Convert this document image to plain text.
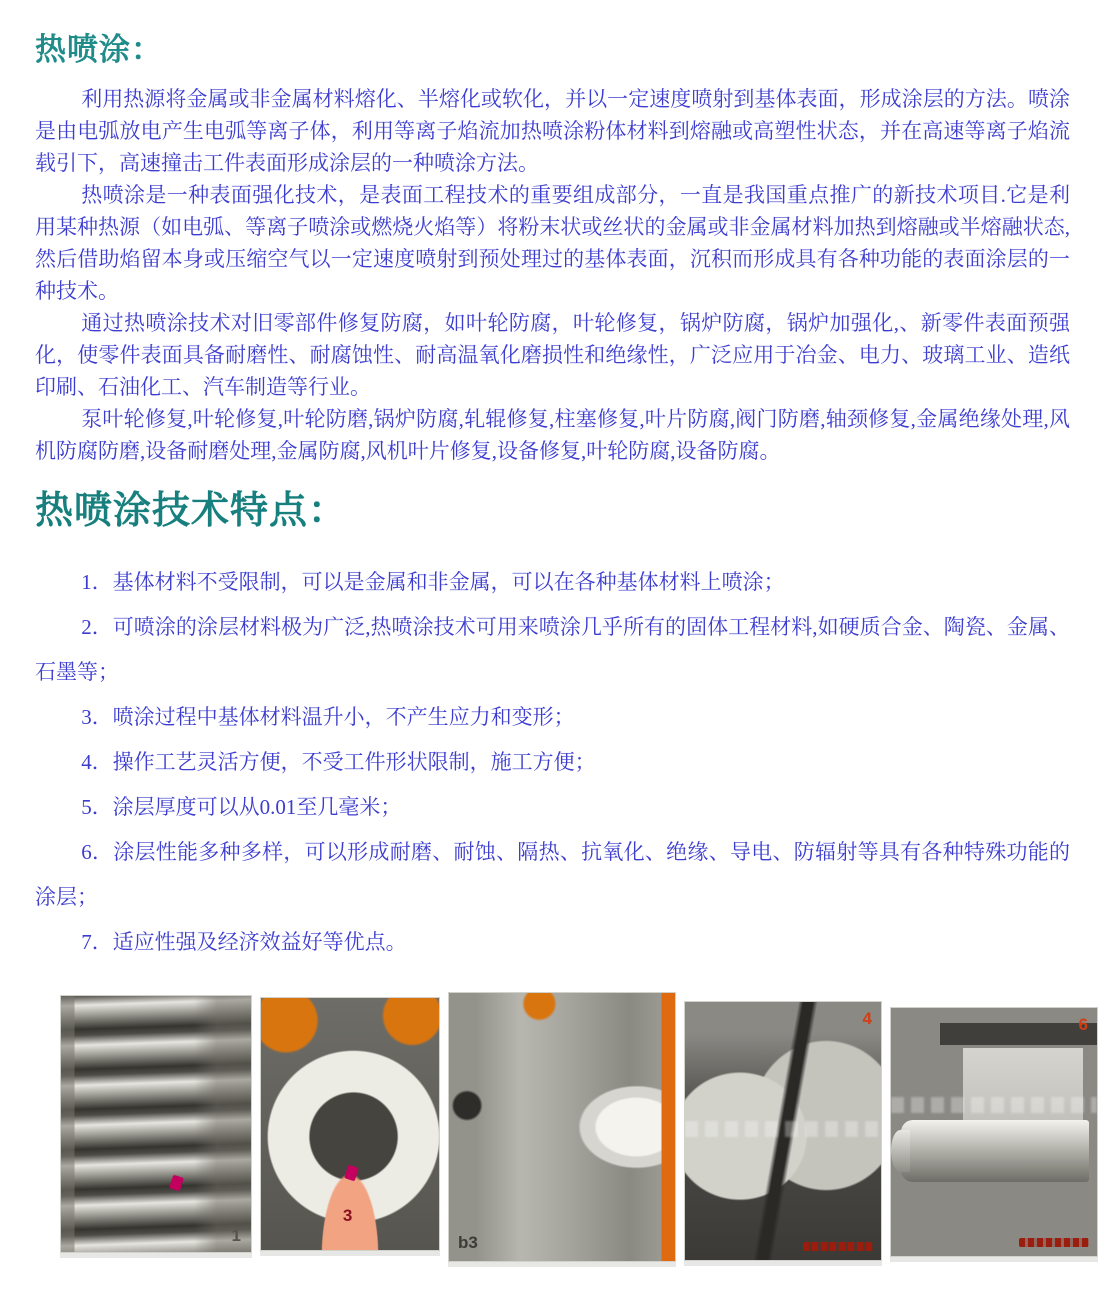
热喷涂：

利用热源将金属或非金属材料熔化、半熔化或软化，并以一定速度喷射到基体表面，形成涂层的方法。喷涂是由电弧放电产生电弧等离子体，利用等离子焰流加热喷涂粉体材料到熔融或高塑性状态，并在高速等离子焰流载引下，高速撞击工件表面形成涂层的一种喷涂方法。

热喷涂是一种表面强化技术，是表面工程技术的重要组成部分，一直是我国重点推广的新技术项目.它是利用某种热源（如电弧、等离子喷涂或燃烧火焰等）将粉末状或丝状的金属或非金属材料加热到熔融或半熔融状态,然后借助焰留本身或压缩空气以一定速度喷射到预处理过的基体表面，沉积而形成具有各种功能的表面涂层的一种技术。

通过热喷涂技术对旧零部件修复防腐，如叶轮防腐，叶轮修复，锅炉防腐，锅炉加强化,、新零件表面预强化，使零件表面具备耐磨性、耐腐蚀性、耐高温氧化磨损性和绝缘性，广泛应用于冶金、电力、玻璃工业、造纸印刷、石油化工、汽车制造等行业。

泵叶轮修复,叶轮修复,叶轮防磨,锅炉防腐,轧辊修复,柱塞修复,叶片防腐,阀门防磨,轴颈修复,金属绝缘处理,风机防腐防磨,设备耐磨处理,金属防腐,风机叶片修复,设备修复,叶轮防腐,设备防腐。

热喷涂技术特点：

1．基体材料不受限制，可以是金属和非金属，可以在各种基体材料上喷涂；

2．可喷涂的涂层材料极为广泛,热喷涂技术可用来喷涂几乎所有的固体工程材料,如硬质合金、陶瓷、金属、石墨等；

3．喷涂过程中基体材料温升小，不产生应力和变形；

4．操作工艺灵活方便，不受工件形状限制，施工方便；

5．涂层厚度可以从0.01至几毫米；

6．涂层性能多种多样，可以形成耐磨、耐蚀、隔热、抗氧化、绝缘、导电、防辐射等具有各种特殊功能的涂层；

7．适应性强及经济效益好等优点。

1
3
b3
4	6
